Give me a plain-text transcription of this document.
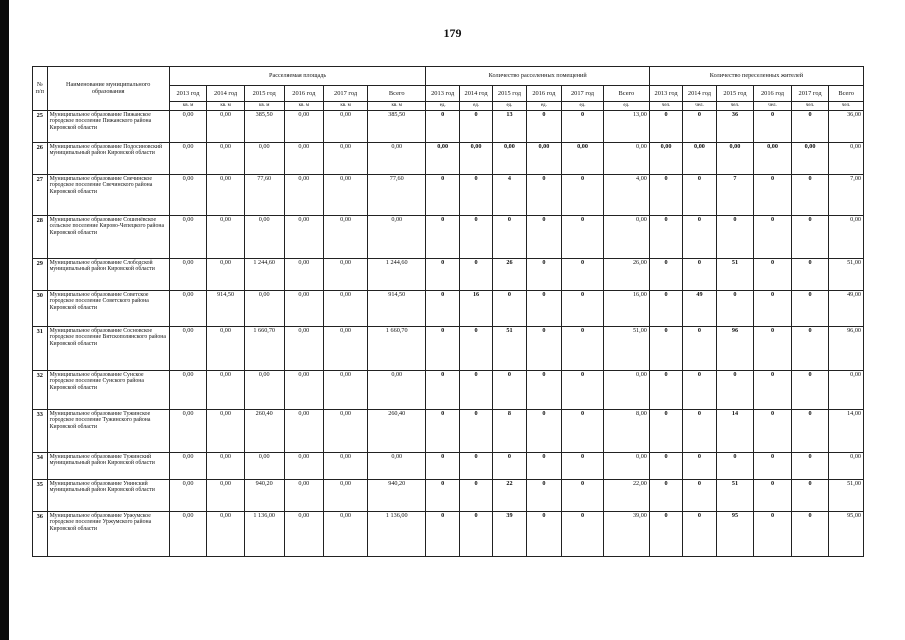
179
№ п/п	Наименование муниципального образования	Расселяемая площадь						Количество расселенных помещений						Количество переселенных жителей					
		2013 год	2014 год	2015 год	2016 год	2017 год	Всего	2013 год	2014 год	2015 год	2016 год	2017 год	Всего	2013 год	2014 год	2015 год	2016 год	2017 год	Всего
		кв. м	кв. м	кв. м	кв. м	кв. м	кв. м	ед.	ед.	ед.	ед.	ед.	ед.	чел.	чел.	чел.	чел.	чел.	чел.
25	Муниципальное образование Пижанское городское поселение Пижанского района Кировской области	0,00	0,00	385,50	0,00	0,00	385,50	0	0	13	0	0	13,00	0	0	36	0	0	36,00
26	Муниципальное образование Подосиновский муниципальный район Кировской области	0,00	0,00	0,00	0,00	0,00	0,00	0,00	0,00	0,00	0,00	0,00	0,00	0,00	0,00	0,00	0,00	0,00	0,00
27	Муниципальное образование Свечинское городское поселение Свечинского района Кировской области	0,00	0,00	77,60	0,00	0,00	77,60	0	0	4	0	0	4,00	0	0	7	0	0	7,00
28	Муниципальное образование Сошенёвское сельское поселение Кирово-Чепецкого района Кировской области	0,00	0,00	0,00	0,00	0,00	0,00	0	0	0	0	0	0,00	0	0	0	0	0	0,00
29	Муниципальное образование Слободской муниципальный район Кировской области	0,00	0,00	1 244,60	0,00	0,00	1 244,60	0	0	26	0	0	26,00	0	0	51	0	0	51,00
30	Муниципальное образование Советское городское поселение Советского района Кировской области	0,00	914,50	0,00	0,00	0,00	914,50	0	16	0	0	0	16,00	0	49	0	0	0	49,00
31	Муниципальное образование Сосновское городское поселение Вятскополянского района Кировской области	0,00	0,00	1 660,70	0,00	0,00	1 660,70	0	0	51	0	0	51,00	0	0	96	0	0	96,00
32	Муниципальное образование Сунское городское поселение Сунского района Кировской области	0,00	0,00	0,00	0,00	0,00	0,00	0	0	0	0	0	0,00	0	0	0	0	0	0,00
33	Муниципальное образование Тужинское городское поселение Тужинского района Кировской области	0,00	0,00	260,40	0,00	0,00	260,40	0	0	8	0	0	8,00	0	0	14	0	0	14,00
34	Муниципальное образование Тужинский муниципальный район Кировской области	0,00	0,00	0,00	0,00	0,00	0,00	0	0	0	0	0	0,00	0	0	0	0	0	0,00
35	Муниципальное образование Унинский муниципальный район Кировской области	0,00	0,00	940,20	0,00	0,00	940,20	0	0	22	0	0	22,00	0	0	51	0	0	51,00
36	Муниципальное образование Уржумское городское поселение Уржумского района Кировской области	0,00	0,00	1 136,00	0,00	0,00	1 136,00	0	0	39	0	0	39,00	0	0	95	0	0	95,00
